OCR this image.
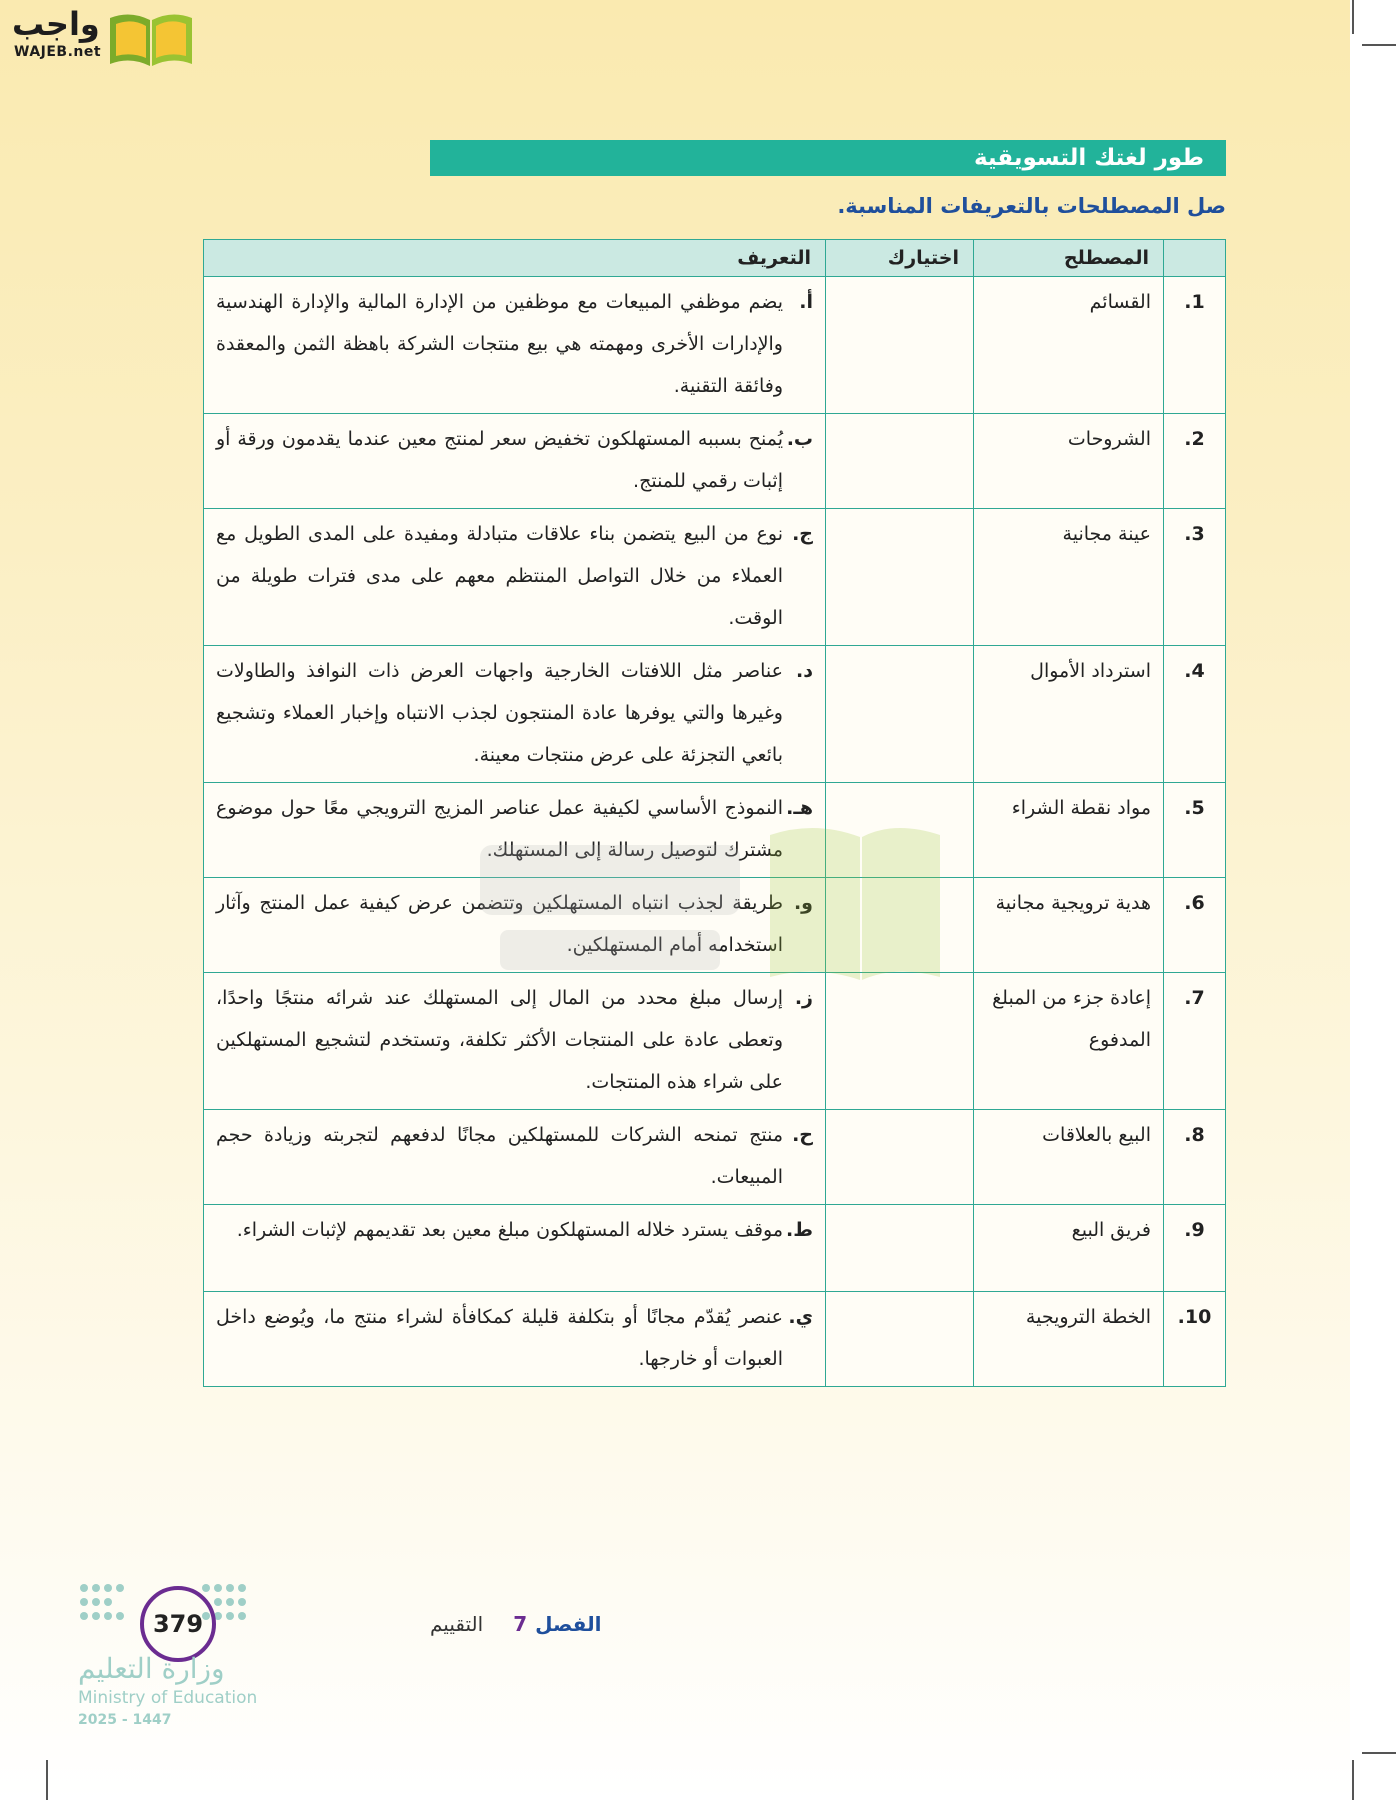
واجب
WAJEB.net
طور لغتك التسويقية
صل المصطلحات بالتعريفات المناسبة.
	المصطلح	اختيارك	التعريف
1.	القسائم		أ.
يضم موظفي المبيعات مع موظفين من الإدارة المالية والإدارة الهندسية والإدارات الأخرى ومهمته هي بيع منتجات الشركة باهظة الثمن والمعقدة وفائقة التقنية.

2.	الشروحات		ب.
يُمنح بسببه المستهلكون تخفيض سعر لمنتج معين عندما يقدمون ورقة أو إثبات رقمي للمنتج.

3.	عينة مجانية		ج.
نوع من البيع يتضمن بناء علاقات متبادلة ومفيدة على المدى الطويل مع العملاء من خلال التواصل المنتظم معهم على مدى فترات طويلة من الوقت.

4.	استرداد الأموال		د.
عناصر مثل اللافتات الخارجية واجهات العرض ذات النوافذ والطاولات وغيرها والتي يوفرها عادة المنتجون لجذب الانتباه وإخبار العملاء وتشجيع بائعي التجزئة على عرض منتجات معينة.

5.	مواد نقطة الشراء		هـ.
النموذج الأساسي لكيفية عمل عناصر المزيج الترويجي معًا حول موضوع مشترك لتوصيل رسالة إلى المستهلك.

6.	هدية ترويجية مجانية		و.
طريقة لجذب انتباه المستهلكين وتتضمن عرض كيفية عمل المنتج وآثار استخدامه أمام المستهلكين.

7.	إعادة جزء من المبلغ المدفوع		ز.
إرسال مبلغ محدد من المال إلى المستهلك عند شرائه منتجًا واحدًا، وتعطى عادة على المنتجات الأكثر تكلفة، وتستخدم لتشجيع المستهلكين على شراء هذه المنتجات.

8.	البيع بالعلاقات		ح.
منتج تمنحه الشركات للمستهلكين مجانًا لدفعهم لتجربته وزيادة حجم المبيعات.

9.	فريق البيع		ط.
موقف يسترد خلاله المستهلكون مبلغ معين بعد تقديمهم لإثبات الشراء.

10.	الخطة الترويجية		ي.
عنصر يُقدّم مجانًا أو بتكلفة قليلة كمكافأة لشراء منتج ما، ويُوضع داخل العبوات أو خارجها.
الفصل7التقييم
379
وزارة التعليم
Ministry of Education
2025 - 1447
